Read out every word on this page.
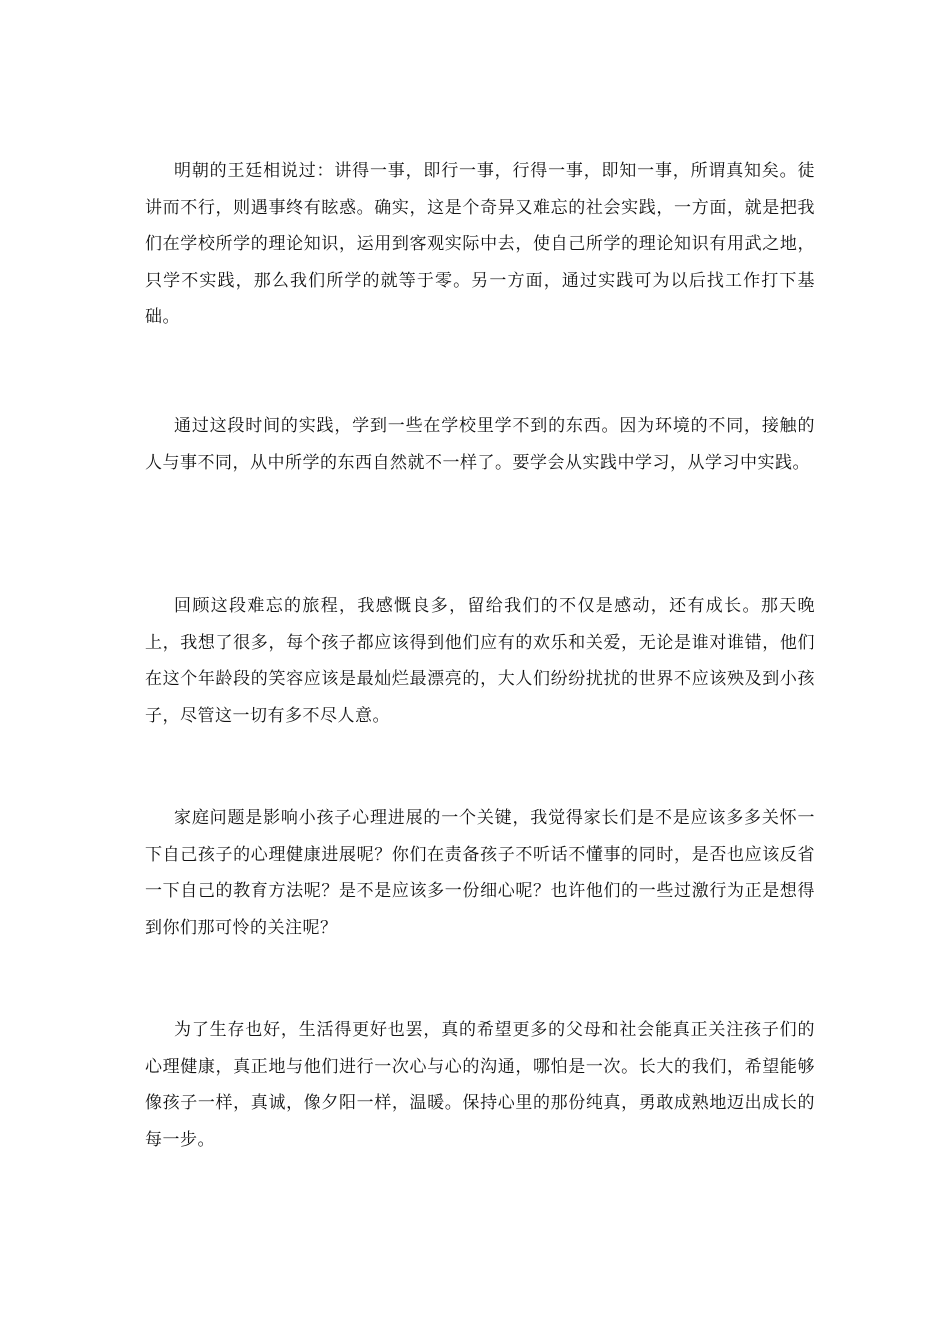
明朝的王廷相说过：讲得一事，即行一事，行得一事，即知一事，所谓真知矣。徒讲而不行，则遇事终有眩惑。确实，这是个奇异又难忘的社会实践，一方面，就是把我们在学校所学的理论知识，运用到客观实际中去，使自己所学的理论知识有用武之地，只学不实践，那么我们所学的就等于零。另一方面，通过实践可为以后找工作打下基础。

通过这段时间的实践，学到一些在学校里学不到的东西。因为环境的不同，接触的人与事不同，从中所学的东西自然就不一样了。要学会从实践中学习，从学习中实践。

回顾这段难忘的旅程，我感慨良多，留给我们的不仅是感动，还有成长。那天晚上，我想了很多，每个孩子都应该得到他们应有的欢乐和关爱，无论是谁对谁错，他们在这个年龄段的笑容应该是最灿烂最漂亮的，大人们纷纷扰扰的世界不应该殃及到小孩子，尽管这一切有多不尽人意。

家庭问题是影响小孩子心理进展的一个关键，我觉得家长们是不是应该多多关怀一下自己孩子的心理健康进展呢？你们在责备孩子不听话不懂事的同时，是否也应该反省一下自己的教育方法呢？是不是应该多一份细心呢？也许他们的一些过激行为正是想得到你们那可怜的关注呢？

为了生存也好，生活得更好也罢，真的希望更多的父母和社会能真正关注孩子们的心理健康，真正地与他们进行一次心与心的沟通，哪怕是一次。长大的我们，希望能够像孩子一样，真诚，像夕阳一样，温暖。保持心里的那份纯真，勇敢成熟地迈出成长的每一步。
